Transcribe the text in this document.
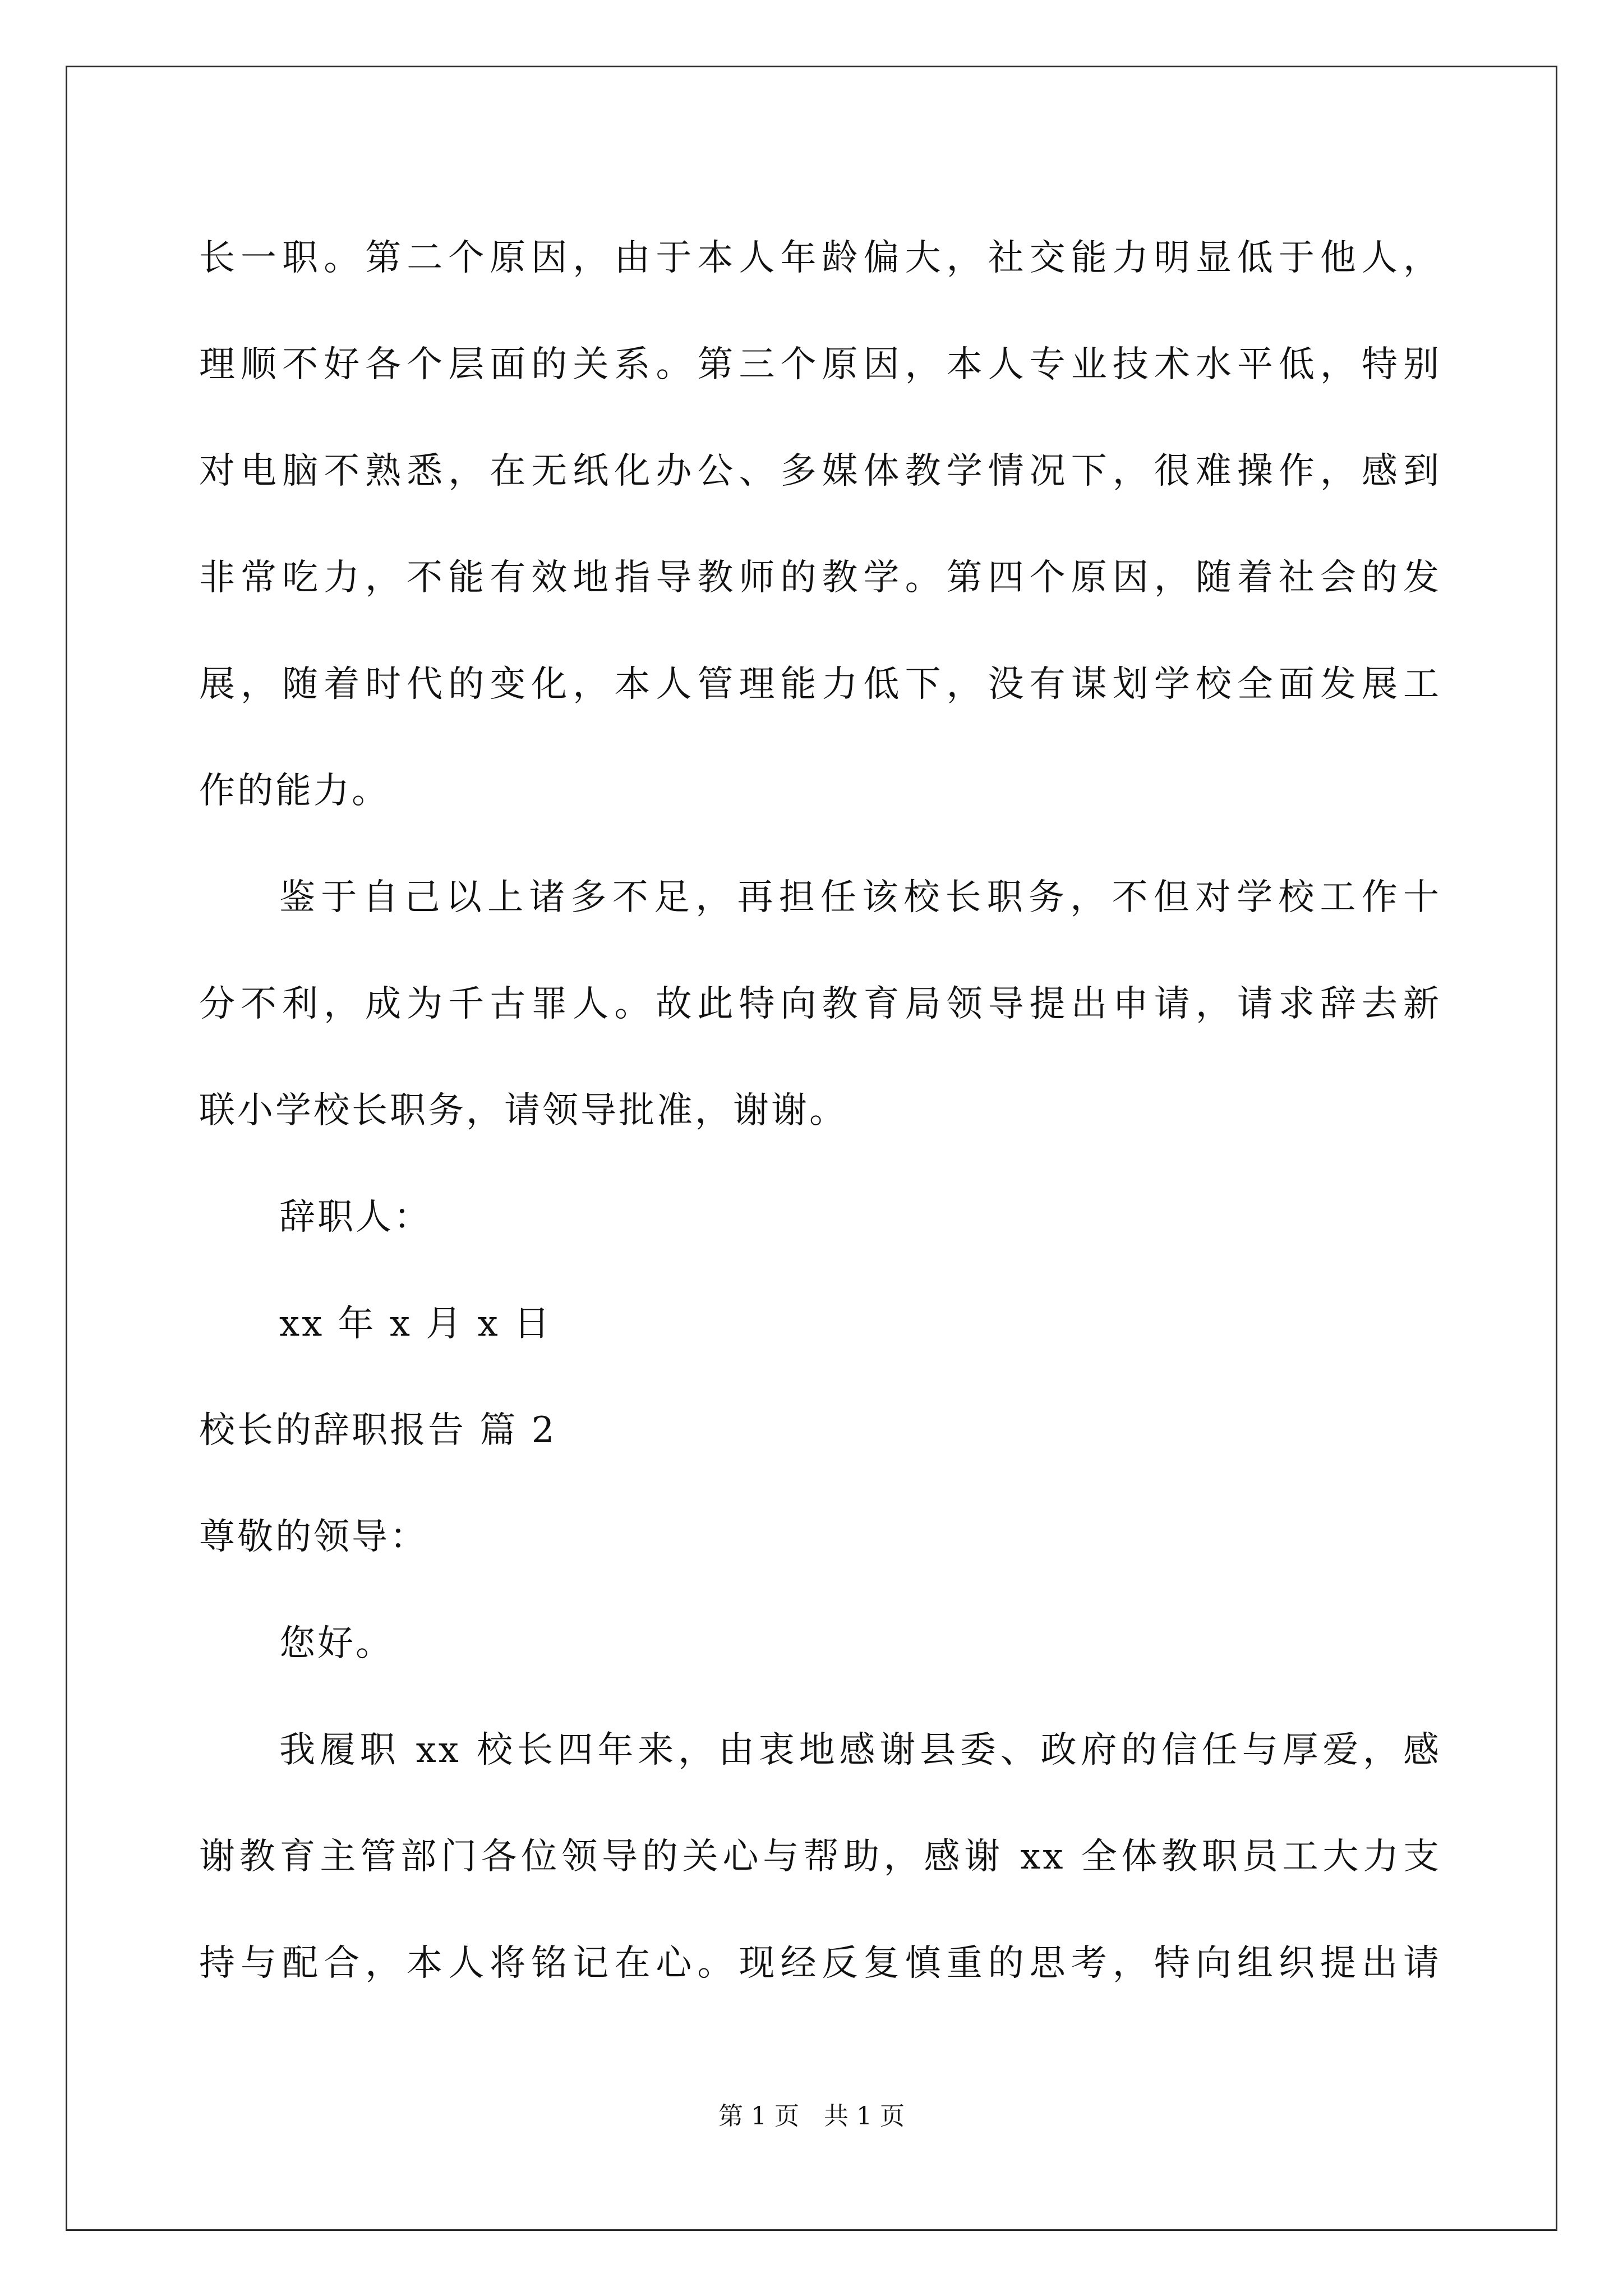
长一职。第二个原因，由于本人年龄偏大，社交能力明显低于他人，
理顺不好各个层面的关系。第三个原因，本人专业技术水平低，特别
对电脑不熟悉，在无纸化办公、多媒体教学情况下，很难操作，感到
非常吃力，不能有效地指导教师的教学。第四个原因，随着社会的发
展，随着时代的变化，本人管理能力低下，没有谋划学校全面发展工
作的能力。
鉴于自己以上诸多不足，再担任该校长职务，不但对学校工作十
分不利，成为千古罪人。故此特向教育局领导提出申请，请求辞去新
联小学校长职务，请领导批准，谢谢。
辞职人：
xx 年 x 月 x 日
校长的辞职报告 篇 2
尊敬的领导：
您好。
我履职 xx 校长四年来，由衷地感谢县委、政府的信任与厚爱，感
谢教育主管部门各位领导的关心与帮助，感谢 xx 全体教职员工大力支
持与配合，本人将铭记在心。现经反复慎重的思考，特向组织提出请
第 1 页 共 1 页
